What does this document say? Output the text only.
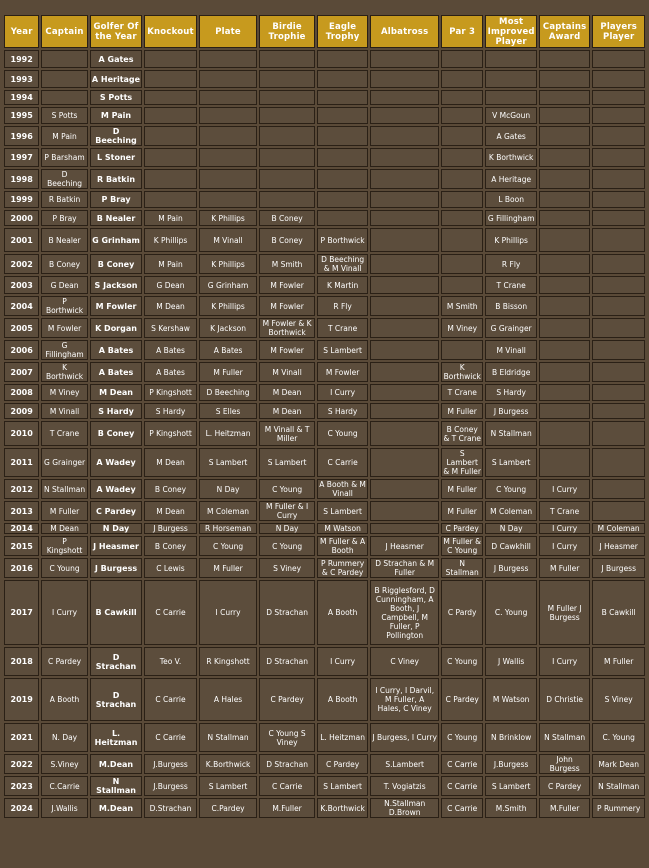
Year	Captain	Golfer Of the Year	Knockout	Plate	Birdie Trophie	Eagle Trophy	Albatross	Par 3	Most Improved Player	Captains Award	Players Player
1992		A Gates									
1993		A Heritage									
1994		S Potts									
1995	S Potts	M Pain							V McGoun		
1996	M Pain	D Beeching							A Gates		
1997	P Barsham	L Stoner							K Borthwick		
1998	D Beeching	R Batkin							A Heritage		
1999	R Batkin	P Bray							L Boon		
2000	P Bray	B Nealer	M Pain	K Phillips	B Coney				G Fillingham		
2001	B Nealer	G Grinham	K Phillips	M Vinall	B Coney	P Borthwick			K Phillips		
2002	B Coney	B Coney	M Pain	K Phillips	M Smith	D Beeching & M Vinall			R Fly		
2003	G Dean	S Jackson	G Dean	G Grinham	M Fowler	K Martin			T Crane		
2004	P Borthwick	M Fowler	M Dean	K Phillips	M Fowler	R Fly		M Smith	B Bisson		
2005	M Fowler	K Dorgan	S Kershaw	K Jackson	M Fowler & K Borthwick	T Crane		M Viney	G Grainger		
2006	G Fillingham	A Bates	A Bates	A Bates	M Fowler	S Lambert			M Vinall		
2007	K Borthwick	A Bates	A Bates	M Fuller	M Vinall	M Fowler		K Borthwick	B Eldridge		
2008	M Viney	M Dean	P Kingshott	D Beeching	M Dean	I Curry		T Crane	S Hardy		
2009	M Vinall	S Hardy	S Hardy	S Elles	M Dean	S Hardy		M Fuller	J Burgess		
2010	T Crane	B Coney	P Kingshott	L. Heitzman	M Vinall & T Miller	C Young		B Coney & T Crane	N Stallman		
2011	G Grainger	A Wadey	M Dean	S Lambert	S Lambert	C Carrie		S Lambert & M Fuller	S Lambert		
2012	N Stallman	A Wadey	B Coney	N Day	C Young	A Booth & M Vinall		M Fuller	C Young	I Curry	
2013	M Fuller	C Pardey	M Dean	M Coleman	M Fuller & I Curry	S Lambert		M Fuller	M Coleman	T Crane	
2014	M Dean	N Day	J Burgess	R Horseman	N Day	M Watson		C Pardey	N Day	I Curry	M Coleman
2015	P Kingshott	J Heasmer	B Coney	C Young	C Young	M Fuller & A Booth	J Heasmer	M Fuller & C Young	D Cawkhill	I Curry	J Heasmer
2016	C Young	J Burgess	C Lewis	M Fuller	S Viney	P Rummery & C Pardey	D Strachan & M Fuller	N Stallman	J Burgess	M Fuller	J Burgess
2017	I Curry	B Cawkill	C Carrie	I Curry	D Strachan	A Booth	B Rigglesford, D Cunningham, A Booth, J Campbell, M Fuller, P Pollington	C Pardy	C. Young	M Fuller J Burgess	B Cawkill
2018	C Pardey	D Strachan	Teo V.	R Kingshott	D Strachan	I Curry	C Viney	C Young	J Wallis	I Curry	M Fuller
2019	A Booth	D Strachan	C Carrie	A Hales	C Pardey	A Booth	I Curry, I Darvil, M Fuller, A Hales, C Viney	C Pardey	M Watson	D Christie	S Viney
2021	N. Day	L. Heitzman	C Carrie	N Stallman	C Young S Viney	L. Heitzman	J Burgess, I Curry	C Young	N Brinklow	N Stallman	C. Young
2022	S.Viney	M.Dean	J.Burgess	K.Borthwick	D Strachan	C Pardey	S.Lambert	C Carrie	J.Burgess	John Burgess	Mark Dean
2023	C.Carrie	N Stallman	J.Burgess	S Lambert	C Carrie	S Lambert	T. Vogiatzis	C Carrie	S Lambert	C Pardey	N Stallman
2024	J.Wallis	M.Dean	D.Strachan	C.Pardey	M.Fuller	K.Borthwick	N.Stallman D.Brown	C Carrie	M.Smith	M.Fuller	P Rummery
